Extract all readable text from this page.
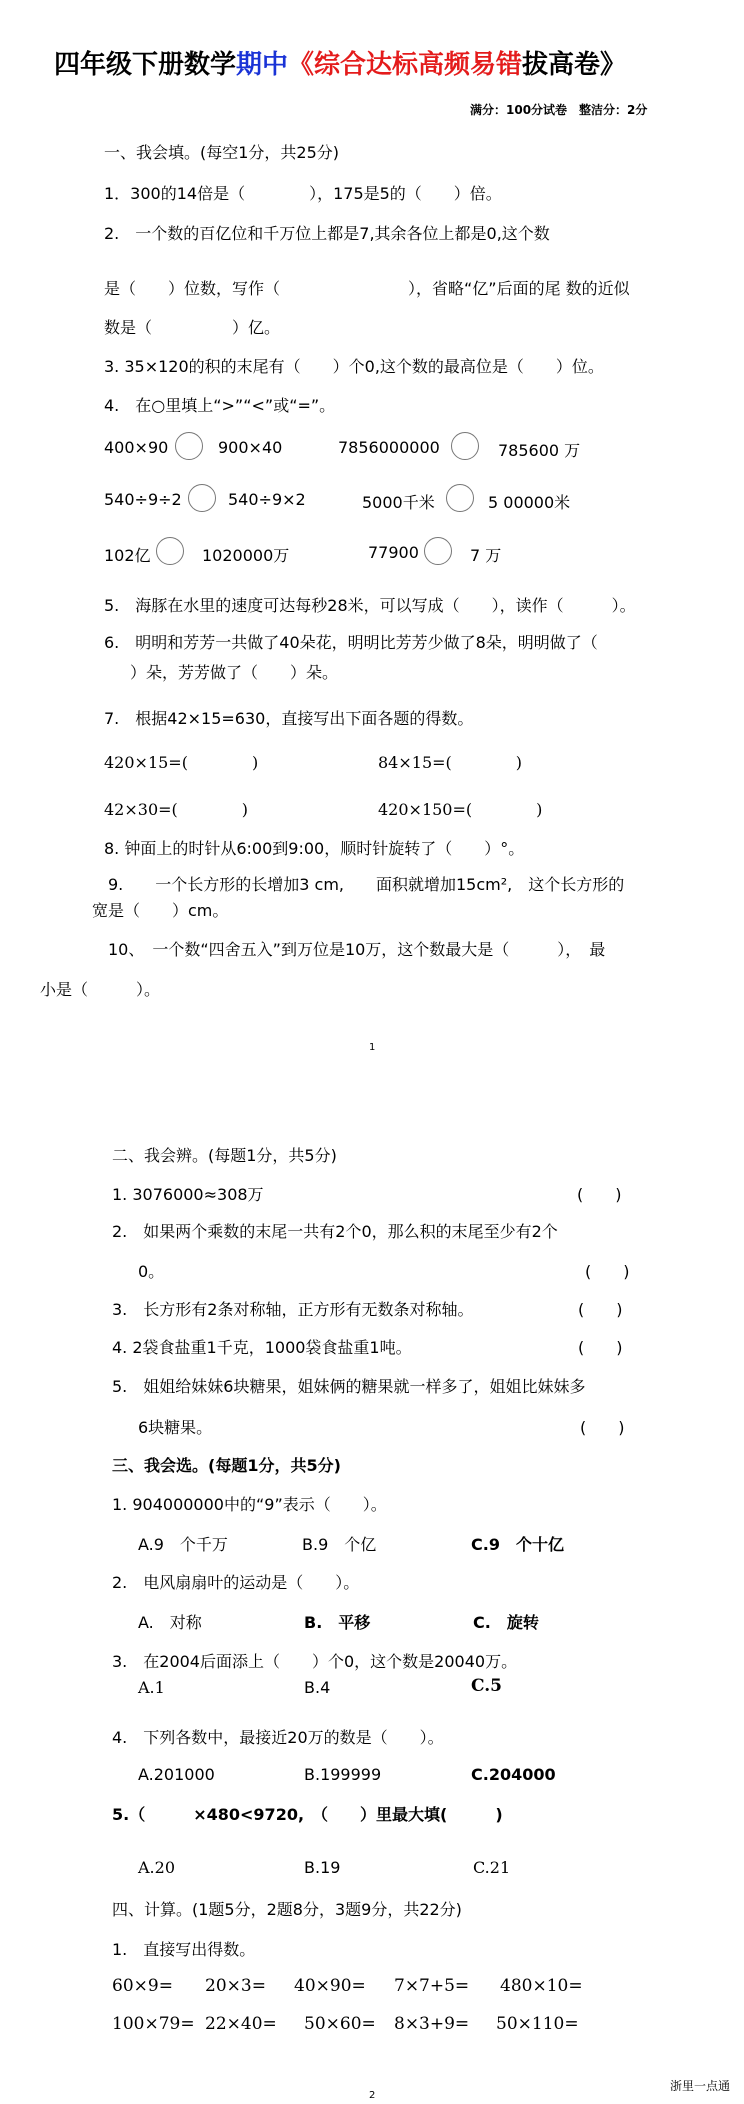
四年级下册数学期中《综合达标高频易错拔高卷》
满分：100分试卷　整洁分：2分
一、我会填。(每空1分，共25分)
1．300的14倍是（　　　　），175是5的（　　）倍。
2.　一个数的百亿位和千万位上都是7,其余各位上都是0,这个数
是（　　）位数，写作（　　　　　　　　），省略“亿”后面的尾 数的近似
数是（　　　　　）亿。
3. 35×120的积的末尾有（　　）个0,这个数的最高位是（　　）位。
4.　在○里填上“>”“<”或“=”。
400×90	900×40	7856000000	785600 万
540÷9÷2	540÷9×2	5000千米	5 00000米
102亿	1020000万	77900	7 万
5.　海豚在水里的速度可达每秒28米，可以写成（　　），读作（　　　）。
6.　明明和芳芳一共做了40朵花，明明比芳芳少做了8朵，明明做了（
）朵，芳芳做了（　　）朵。
7.　根据42×15=630，直接写出下面各题的得数。
420×15=(　　　　)	84×15=(　　　　)
42×30=(　　　　)	420×150=(　　　　)
8. 钟面上的时针从6:00到9:00，顺时针旋转了（　　）°。
9.　　一个长方形的长增加3 cm,　　面积就增加15cm²,　这个长方形的
宽是（　　）cm。
10、　一个数“四舍五入”到万位是10万，这个数最大是（　　　），　最
小是（　　　）。
1
二、我会辨。(每题1分，共5分)
1. 3076000≈308万	(　　)
2.　如果两个乘数的末尾一共有2个0，那么积的末尾至少有2个
0。	(　　)
3.　长方形有2条对称轴，正方形有无数条对称轴。	(　　)
4. 2袋食盐重1千克，1000袋食盐重1吨。	(　　)
5.　姐姐给妹妹6块糖果，姐妹俩的糖果就一样多了，姐姐比妹妹多
6块糖果。	(　　)
三、我会选。(每题1分，共5分)
1. 904000000中的“9”表示（　　）。
A.9　个千万	B.9　个亿	C.9　个十亿
2.　电风扇扇叶的运动是（　　）。
A.　对称	B.　平移	C.　旋转
3.　在2004后面添上（　　）个0，这个数是20040万。
A.1	B.4	C.5
4.　下列各数中，最接近20万的数是（　　）。
A.201000	B.199999	C.204000
5.（　　　×480<9720,　（　　）里最大填(　　　)
A.20	B.19	C.21
四、计算。(1题5分，2题8分，3题9分，共22分)
1.　直接写出得数。
60×9= 20×3= 40×90= 7×7+5= 480×10=
100×79= 22×40= 50×60= 8×3+9= 50×110=
浙里一点通
2
